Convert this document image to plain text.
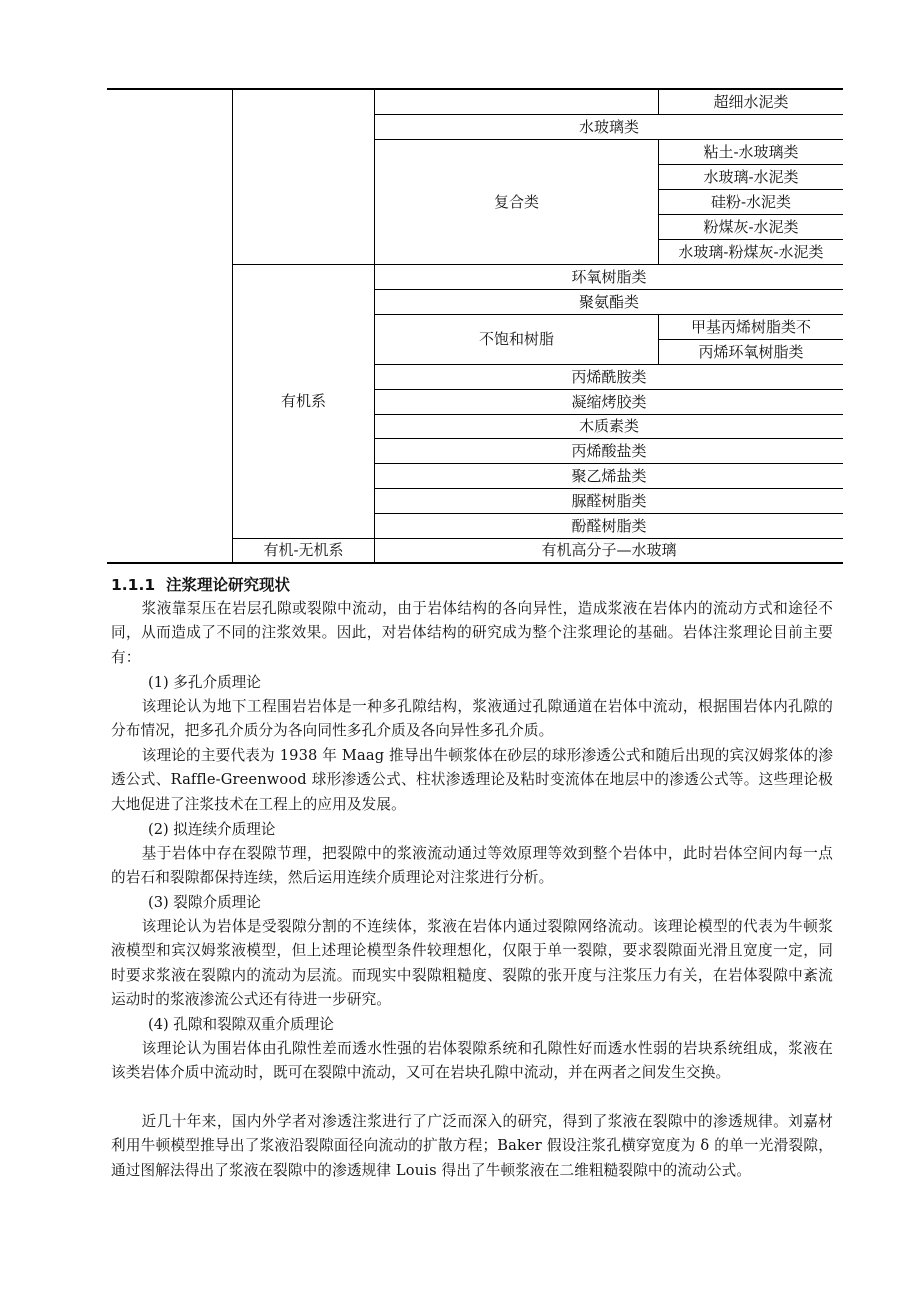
超细水泥类
水玻璃类
复合类
粘土-水玻璃类
水玻璃-水泥类
硅粉-水泥类
粉煤灰-水泥类
水玻璃-粉煤灰-水泥类
有机系
环氧树脂类
聚氨酯类
不饱和树脂
甲基丙烯树脂类不
丙烯环氧树脂类
丙烯酰胺类
凝缩烤胶类
木质素类
丙烯酸盐类
聚乙烯盐类
脲醛树脂类
酚醛树脂类
有机-无机系	有机高分子—水玻璃
1.1.1 注浆理论研究现状
浆液靠泵压在岩层孔隙或裂隙中流动，由于岩体结构的各向异性，造成浆液在岩体内的流动方式和途径不同，从而造成了不同的注浆效果。因此，对岩体结构的研究成为整个注浆理论的基础。岩体注浆理论目前主要有：
(1) 多孔介质理论
该理论认为地下工程围岩岩体是一种多孔隙结构，浆液通过孔隙通道在岩体中流动，根据围岩体内孔隙的分布情况，把多孔介质分为各向同性多孔介质及各向异性多孔介质。
该理论的主要代表为 1938 年 Maag 推导出牛顿浆体在砂层的球形渗透公式和随后出现的宾汉姆浆体的渗透公式、Raffle-Greenwood 球形渗透公式、柱状渗透理论及粘时变流体在地层中的渗透公式等。这些理论极大地促进了注浆技术在工程上的应用及发展。
(2) 拟连续介质理论
基于岩体中存在裂隙节理，把裂隙中的浆液流动通过等效原理等效到整个岩体中，此时岩体空间内每一点的岩石和裂隙都保持连续，然后运用连续介质理论对注浆进行分析。
(3) 裂隙介质理论
该理论认为岩体是受裂隙分割的不连续体，浆液在岩体内通过裂隙网络流动。该理论模型的代表为牛顿浆液模型和宾汉姆浆液模型，但上述理论模型条件较理想化，仅限于单一裂隙，要求裂隙面光滑且宽度一定，同时要求浆液在裂隙内的流动为层流。而现实中裂隙粗糙度、裂隙的张开度与注浆压力有关，在岩体裂隙中紊流运动时的浆液渗流公式还有待进一步研究。
(4) 孔隙和裂隙双重介质理论
该理论认为围岩体由孔隙性差而透水性强的岩体裂隙系统和孔隙性好而透水性弱的岩块系统组成，浆液在该类岩体介质中流动时，既可在裂隙中流动，又可在岩块孔隙中流动，并在两者之间发生交换。
近几十年来，国内外学者对渗透注浆进行了广泛而深入的研究，得到了浆液在裂隙中的渗透规律。刘嘉材利用牛顿模型推导出了浆液沿裂隙面径向流动的扩散方程；Baker 假设注浆孔横穿宽度为 δ 的单一光滑裂隙，通过图解法得出了浆液在裂隙中的渗透规律 Louis 得出了牛顿浆液在二维粗糙裂隙中的流动公式。
